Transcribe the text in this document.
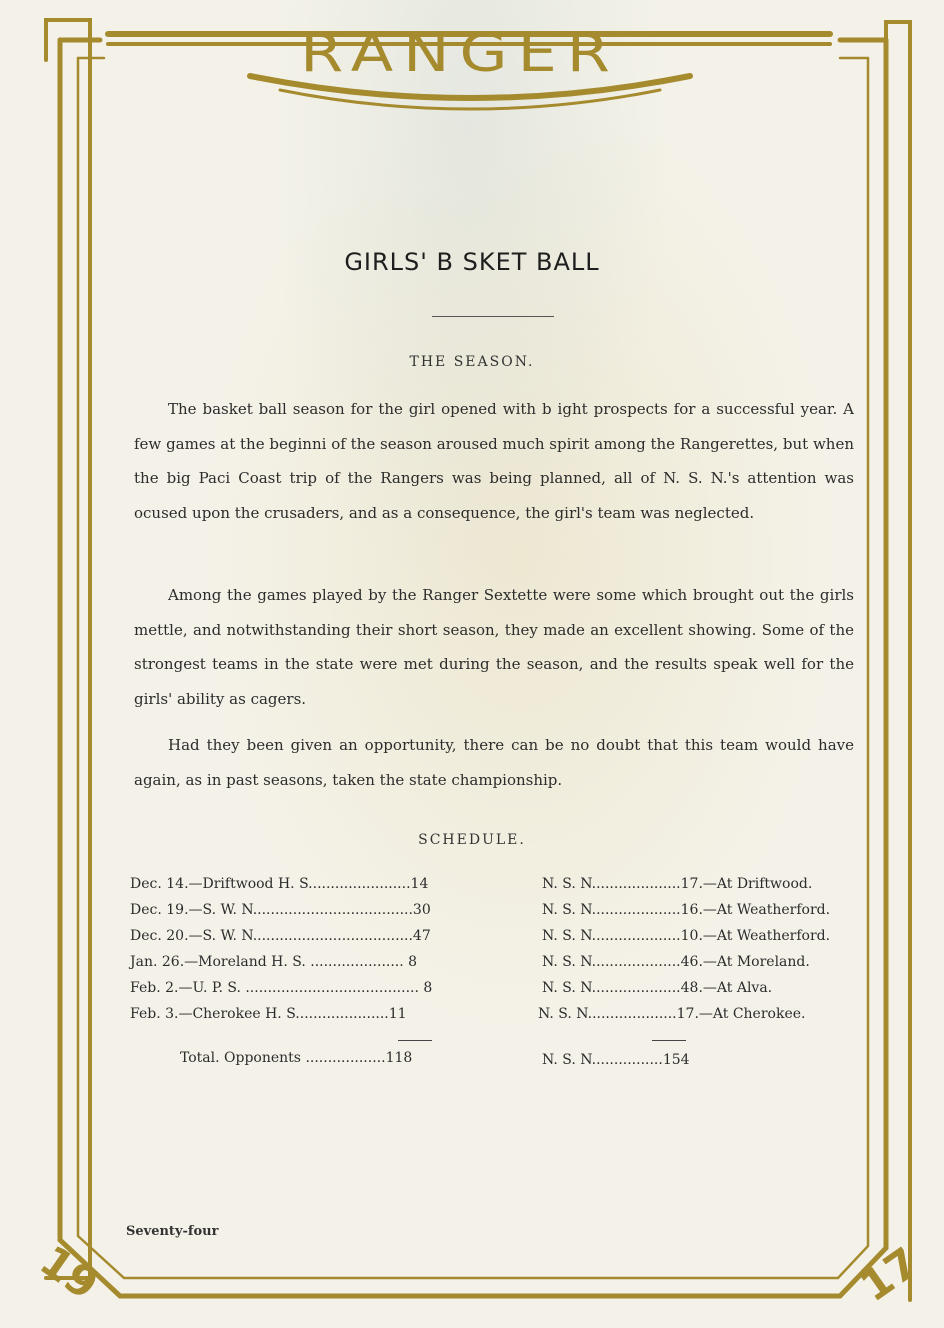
RANGER
GIRLS' B SKET BALL
THE SEASON.

The basket ball season for the girl opened with b ight prospects for a successful year. A few games at the beginni of the season aroused much spirit among the Rangerettes, but when the big Paci Coast trip of the Rangers was being planned, all of N. S. N.'s attention was ocused upon the crusaders, and as a consequence, the girl's team was neglected.

Among the games played by the Ranger Sextette were some which brought out the girls mettle, and notwithstanding their short season, they made an excellent showing. Some of the strongest teams in the state were met during the season, and the results speak well for the girls' ability as cagers.

Had they been given an opportunity, there can be no doubt that this team would have again, as in past seasons, taken the state championship.

SCHEDULE.
Dec. 14.—Driftwood H. S.......................14
Dec. 19.—S. W. N....................................30
Dec. 20.—S. W. N....................................47
Jan. 26.—Moreland H. S. ..................... 8
Feb. 2.—U. P. S. ....................................... 8
Feb. 3.—Cherokee H. S.....................11
Total. Opponents ..................118
N. S. N....................17.—At Driftwood.
N. S. N....................16.—At Weatherford.
N. S. N....................10.—At Weatherford.
N. S. N....................46.—At Moreland.
N. S. N....................48.—At Alva.
N. S. N....................17.—At Cherokee.
N. S. N................154
Seventy-four
19	17
